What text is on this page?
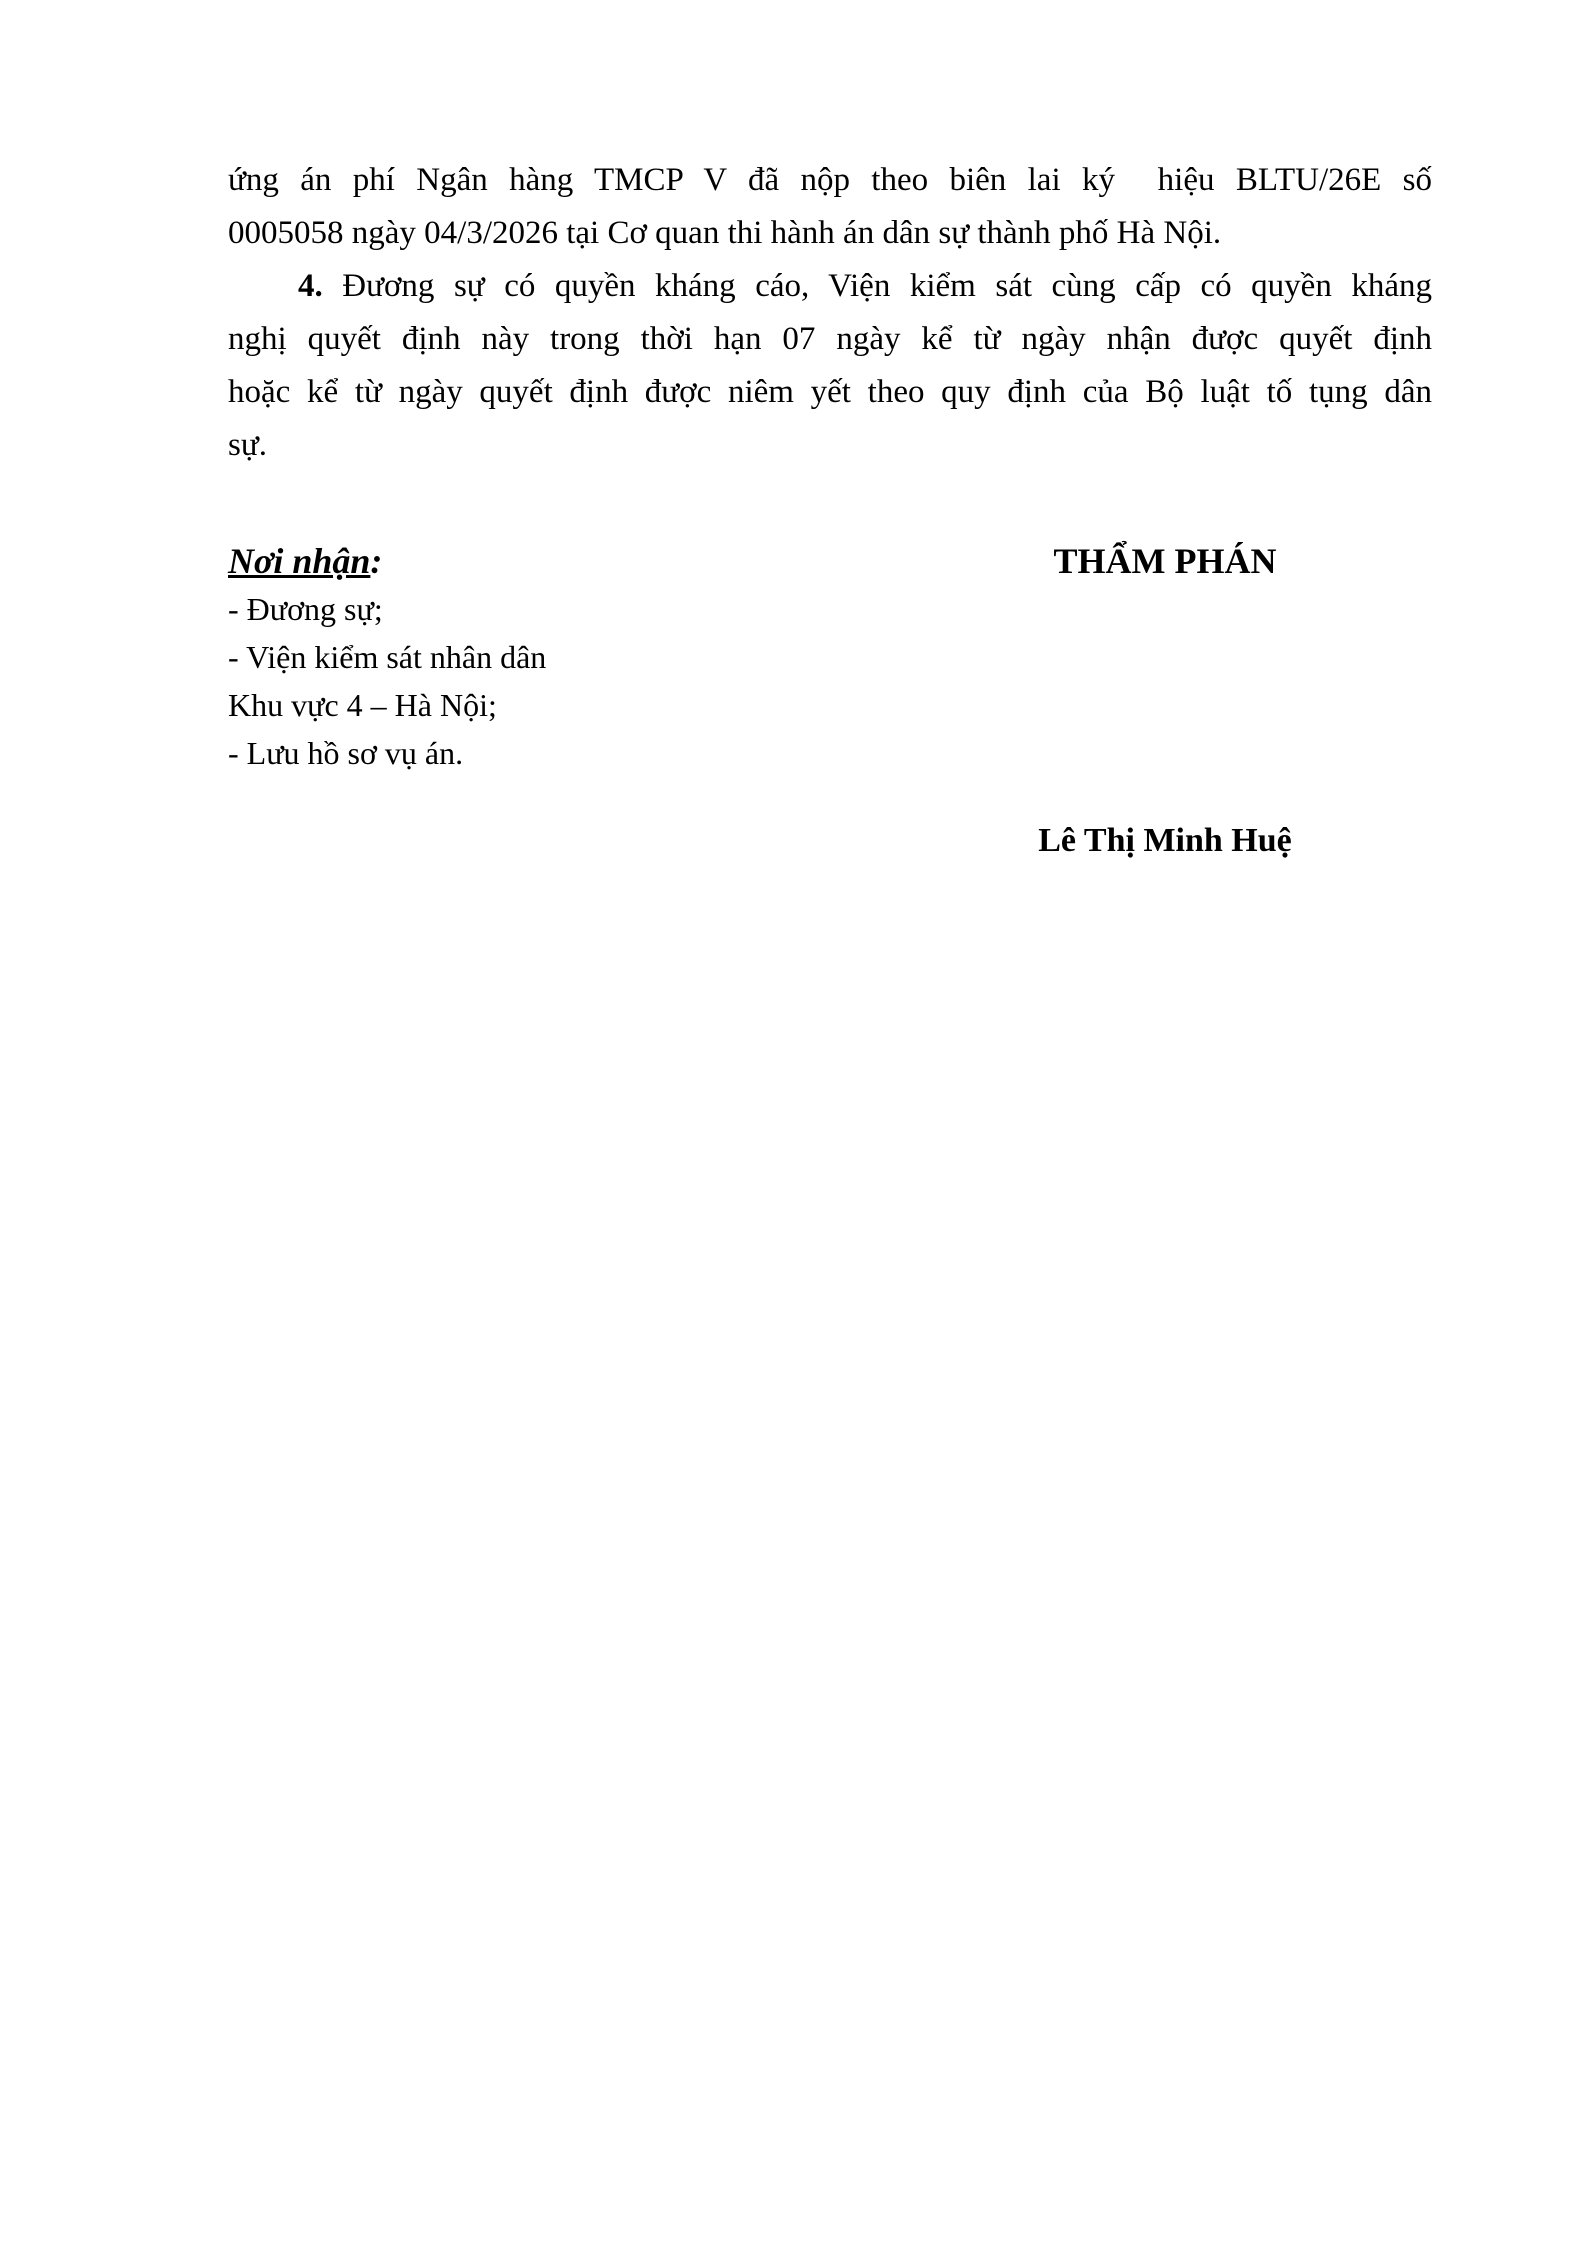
ứng án phí Ngân hàng TMCP V đã nộp theo biên lai ký  hiệu BLTU/26E số
0005058 ngày 04/3/2026 tại Cơ quan thi hành án dân sự thành phố Hà Nội.
4. Đương sự có quyền kháng cáo, Viện kiểm sát cùng cấp có quyền kháng
nghị quyết định này trong thời hạn 07 ngày kể từ ngày nhận được quyết định
hoặc kể từ ngày quyết định được niêm yết theo quy định của Bộ luật tố tụng dân
sự.
Nơi nhận:
- Đương sự;
- Viện kiểm sát nhân dân
Khu vực 4 – Hà Nội;
- Lưu hồ sơ vụ án.
THẨM PHÁN
Lê Thị Minh Huệ
